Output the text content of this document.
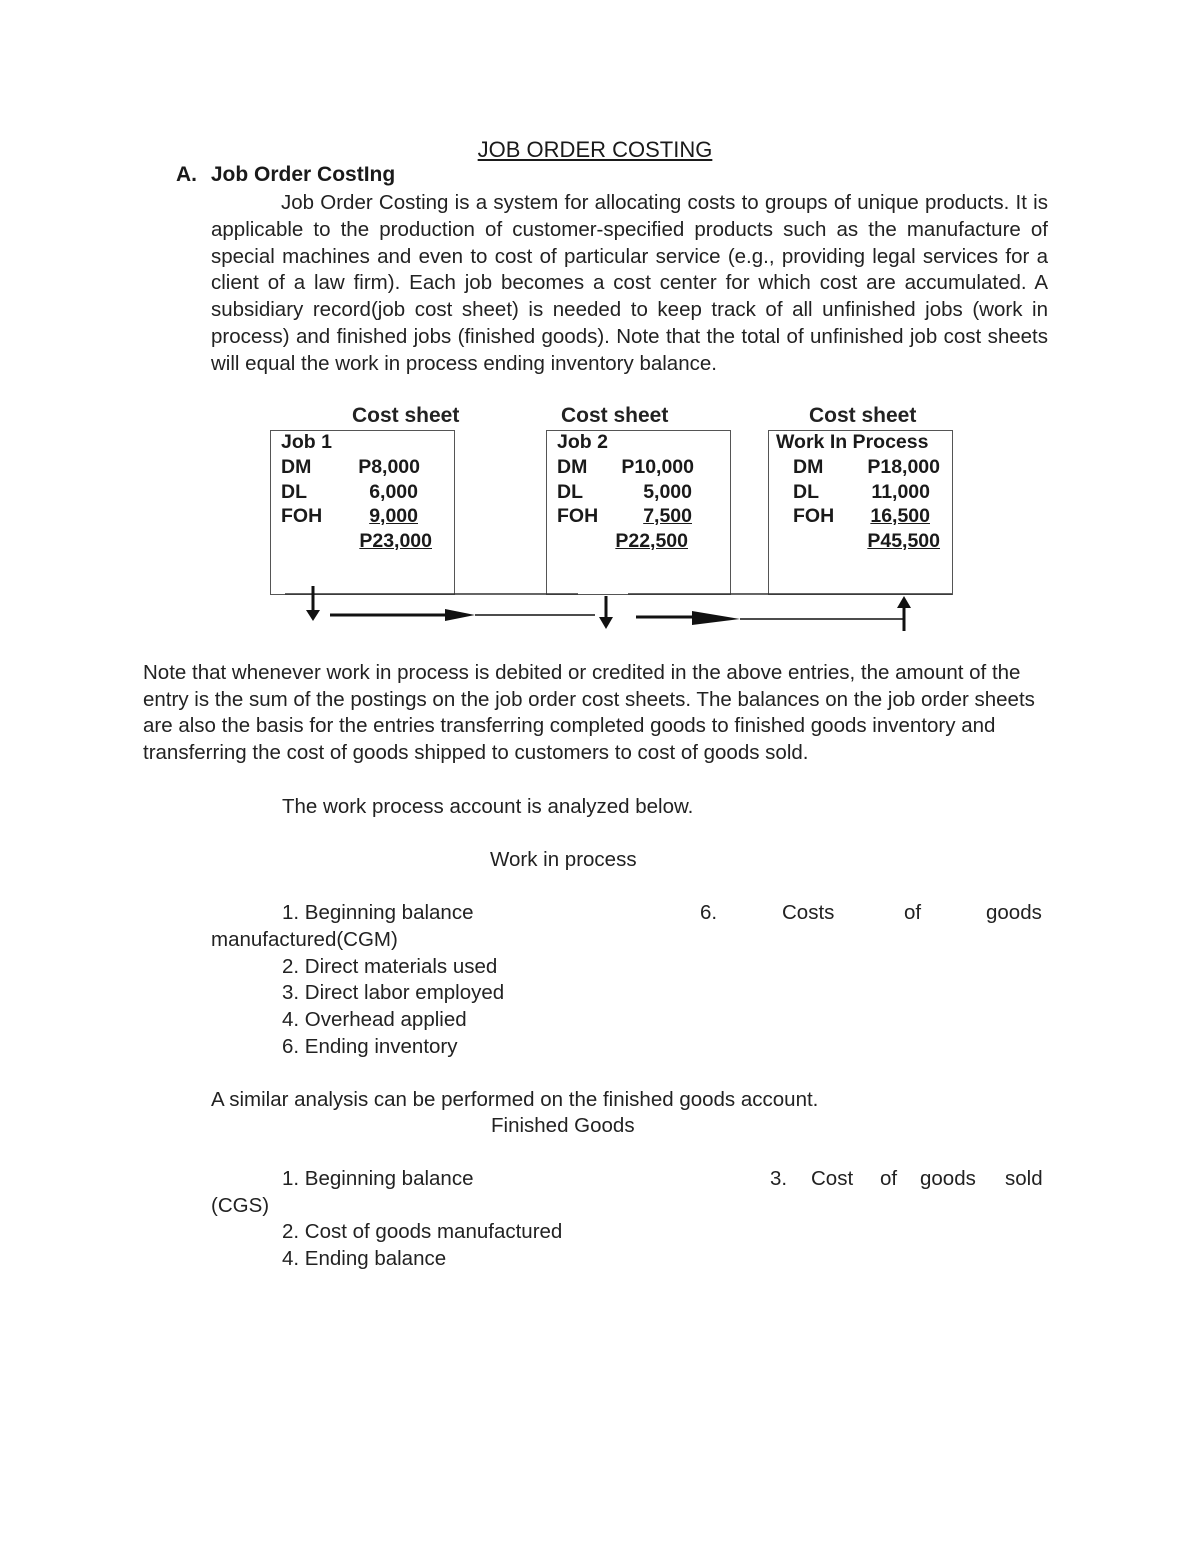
JOB ORDER COSTING
A. Job Order CostIng
Job Order Costing is a system for allocating costs to groups of unique products. It is applicable to the production of customer-specified products such as the manufacture of special machines and even to cost of particular service (e.g., providing legal services for a client of a law firm). Each job becomes a cost center for which cost are accumulated. A subsidiary record(job cost sheet) is needed to keep track of all unfinished jobs (work in process) and finished jobs (finished goods). Note that the total of unfinished job cost sheets will equal the work in process ending inventory balance.
Cost sheet	Cost sheet	Cost sheet
Job 1
DM P8,000
DL	6,000
FOH 9,000
P23,000
Job 2
DM P10,000
DL	5,000
FOH 7,500
P22,500
Work In Process
DM P18,000
DL	11,000
FOH 16,500
P45,500
Note that whenever work in process is debited or credited in the above entries, the amount of the entry is the sum of the postings on the job order cost sheets. The balances on the job order sheets are also the basis for the entries transferring completed goods to finished goods inventory and transferring the cost of goods shipped to customers to cost of goods sold.
The work process account is analyzed below.
Work in process
1. Beginning balance	6.	Costs	of	goods
manufactured(CGM)
2. Direct materials used
3. Direct labor employed
4. Overhead applied
6. Ending inventory
A similar analysis can be performed on the finished goods account.
Finished Goods
1. Beginning balance	3. Cost of goods sold
(CGS)
2. Cost of goods manufactured
4. Ending balance
